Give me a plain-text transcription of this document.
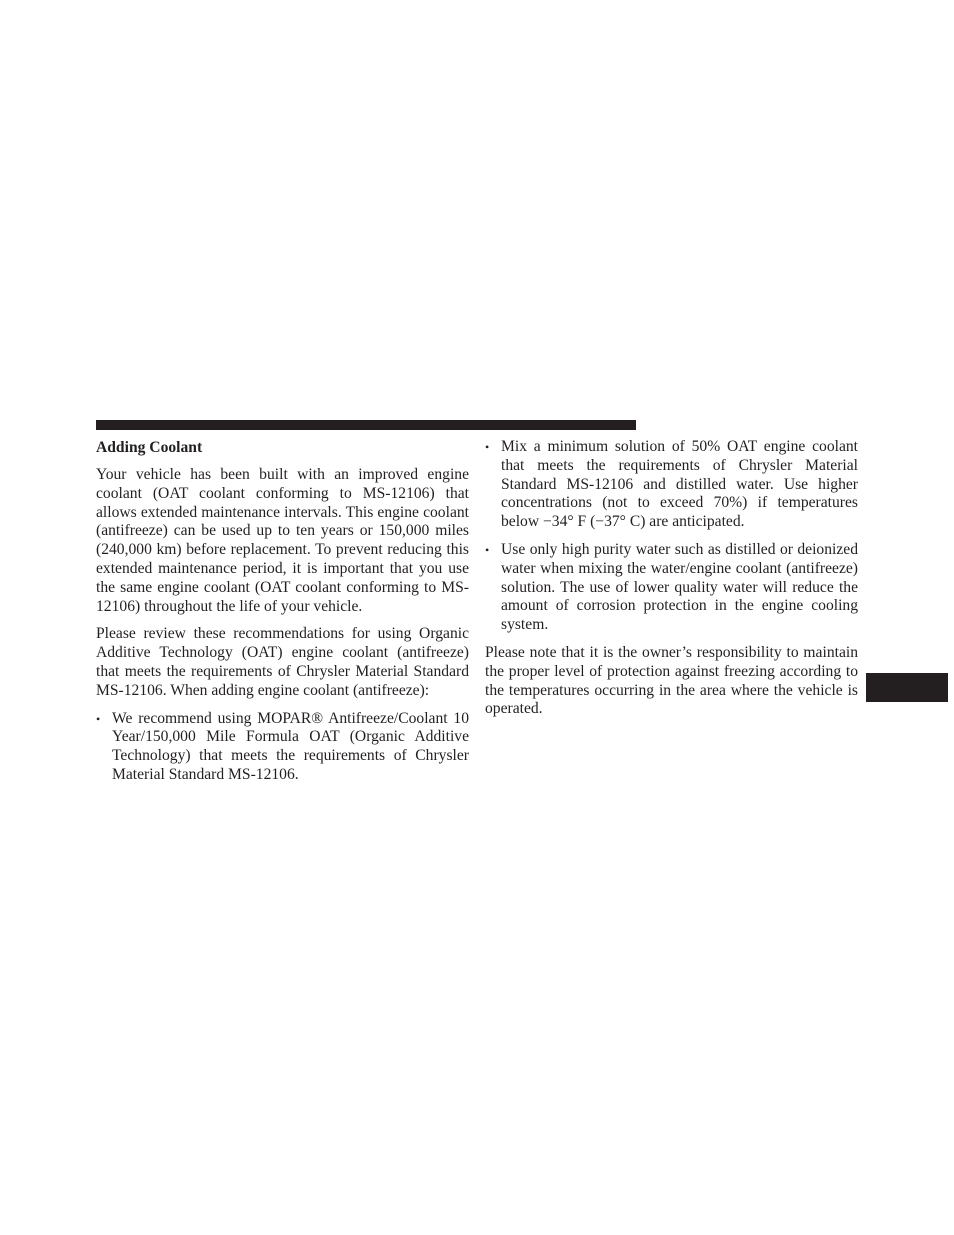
Adding Coolant

Your vehicle has been built with an improved engine coolant (OAT coolant conforming to MS-12106) that allows extended maintenance intervals. This engine coolant (antifreeze) can be used up to ten years or 150,000 miles (240,000 km) before replacement. To prevent reducing this extended maintenance period, it is important that you use the same engine coolant (OAT coolant conforming to MS-12106) throughout the life of your vehicle.

Please review these recommendations for using Organic Additive Technology (OAT) engine coolant (antifreeze) that meets the requirements of Chrysler Material Standard MS-12106. When adding engine coolant (antifreeze):

• We recommend using MOPAR® Antifreeze/Coolant 10 Year/150,000 Mile Formula OAT (Organic Additive Technology) that meets the requirements of Chrysler Material Standard MS-12106.
• Mix a minimum solution of 50% OAT engine coolant that meets the requirements of Chrysler Material Standard MS-12106 and distilled water. Use higher concentrations (not to exceed 70%) if temperatures below −34° F (−37° C) are anticipated.
• Use only high purity water such as distilled or deionized water when mixing the water/engine coolant (antifreeze) solution. The use of lower quality water will reduce the amount of corrosion protection in the engine cooling system.

Please note that it is the owner’s responsibility to maintain the proper level of protection against freezing according to the temperatures occurring in the area where the vehicle is operated.
